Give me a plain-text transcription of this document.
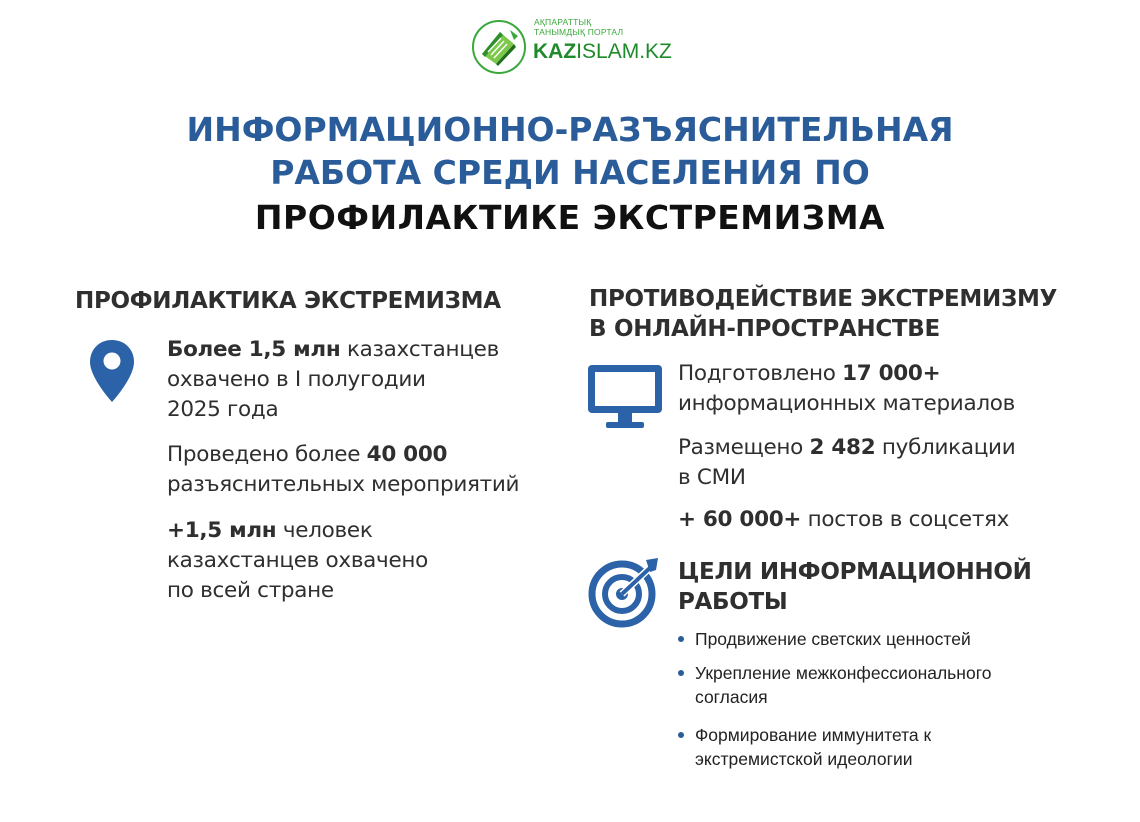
АҚПАРАТТЫҚ
ТАНЫМДЫҚ ПОРТАЛ
KAZISLAM.KZ
ИНФОРМАЦИОННО-РАЗЪЯСНИТЕЛЬНАЯ
РАБОТА СРЕДИ НАСЕЛЕНИЯ ПО
ПРОФИЛАКТИКЕ ЭКСТРЕМИЗМА
ПРОФИЛАКТИКА ЭКСТРЕМИЗМА
Более 1,5 млн казахстанцев
охвачено в I полугодии
2025 года
Проведено более 40 000
разъяснительных мероприятий
+1,5 млн человек
казахстанцев охвачено
по всей стране
ПРОТИВОДЕЙСТВИЕ ЭКСТРЕМИЗМУ
В ОНЛАЙН-ПРОСТРАНСТВЕ
Подготовлено 17 000+
информационных материалов
Размещено 2 482 публикации
в СМИ
+ 60 000+ постов в соцсетях
ЦЕЛИ ИНФОРМАЦИОННОЙ
РАБОТЫ
Продвижение светских ценностей
Укрепление межконфессионального
согласия
Формирование иммунитета к
экстремистской идеологии
